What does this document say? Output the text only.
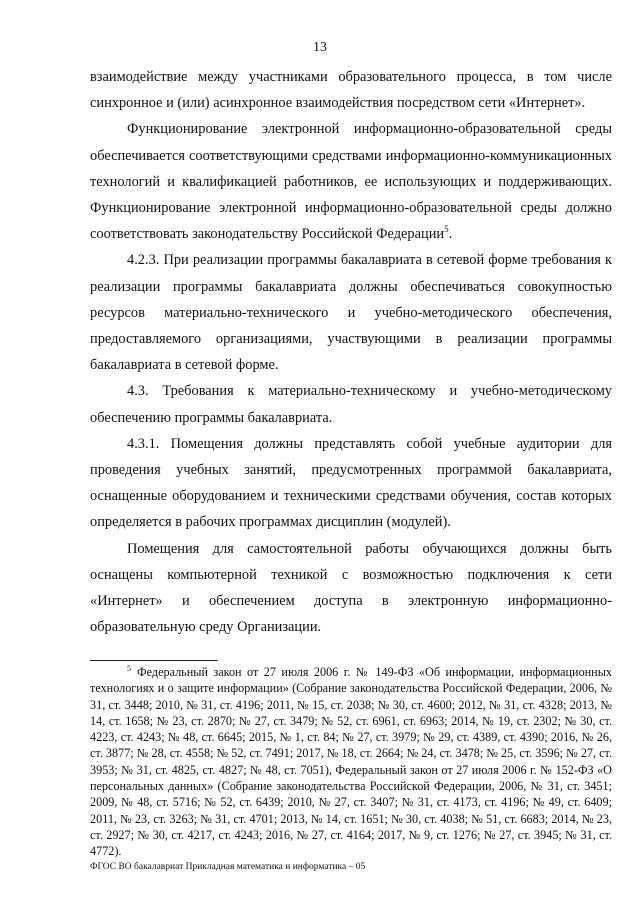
13

взаимодействие между участниками образовательного процесса, в том числе синхронное и (или) асинхронное взаимодействия посредством сети «Интернет».

Функционирование электронной информационно-образовательной среды обеспечивается соответствующими средствами информационно-коммуникационных технологий и квалификацией работников, ее использующих и поддерживающих. Функционирование электронной информационно-образовательной среды должно соответствовать законодательству Российской Федерации$^5$.

4.2.3. При реализации программы бакалавриата в сетевой форме требования к реализации программы бакалавриата должны обеспечиваться совокупностью ресурсов материально-технического и учебно-методического обеспечения, предоставляемого организациями, участвующими в реализации программы бакалавриата в сетевой форме.

4.3. Требования к материально-техническому и учебно-методическому обеспечению программы бакалавриата.

4.3.1. Помещения должны представлять собой учебные аудитории для проведения учебных занятий, предусмотренных программой бакалавриата, оснащенные оборудованием и техническими средствами обучения, состав которых определяется в рабочих программах дисциплин (модулей).

Помещения для самостоятельной работы обучающихся должны быть оснащены компьютерной техникой с возможностью подключения к сети «Интернет» и обеспечением доступа в электронную информационно-образовательную среду Организации.

$^5$ Федеральный закон от 27 июля 2006 г. № 149-ФЗ «Об информации, информационных технологиях и о защите информации» (Собрание законодательства Российской Федерации, 2006, № 31, ст. 3448; 2010, № 31, ст. 4196; 2011, № 15, ст. 2038; № 30, ст. 4600; 2012, № 31, ст. 4328; 2013, № 14, ст. 1658; № 23, ст. 2870; № 27, ст. 3479; № 52, ст. 6961, ст. 6963; 2014, № 19, ст. 2302; № 30, ст. 4223, ст. 4243; № 48, ст. 6645; 2015, № 1, ст. 84; № 27, ст. 3979; № 29, ст. 4389, ст. 4390; 2016, № 26, ст. 3877; № 28, ст. 4558; № 52, ст. 7491; 2017, № 18, ст. 2664; № 24, ст. 3478; № 25, ст. 3596; № 27, ст. 3953; № 31, ст. 4825, ст. 4827; № 48, ст. 7051), Федеральный закон от 27 июля 2006 г. № 152-ФЗ «О персональных данных» (Собрание законодательства Российской Федерации, 2006, № 31, ст. 3451; 2009, № 48, ст. 5716; № 52, ст. 6439; 2010, № 27, ст. 3407; № 31, ст. 4173, ст. 4196; № 49, ст. 6409; 2011, № 23, ст. 3263; № 31, ст. 4701; 2013, № 14, ст. 1651; № 30, ст. 4038; № 51, ст. 6683; 2014, № 23, ст. 2927; № 30, ст. 4217, ст. 4243; 2016, № 27, ст. 4164; 2017, № 9, ст. 1276; № 27, ст. 3945; № 31, ст. 4772).
ФГОС ВО бакалавриат Прикладная математика и информатика – 05
